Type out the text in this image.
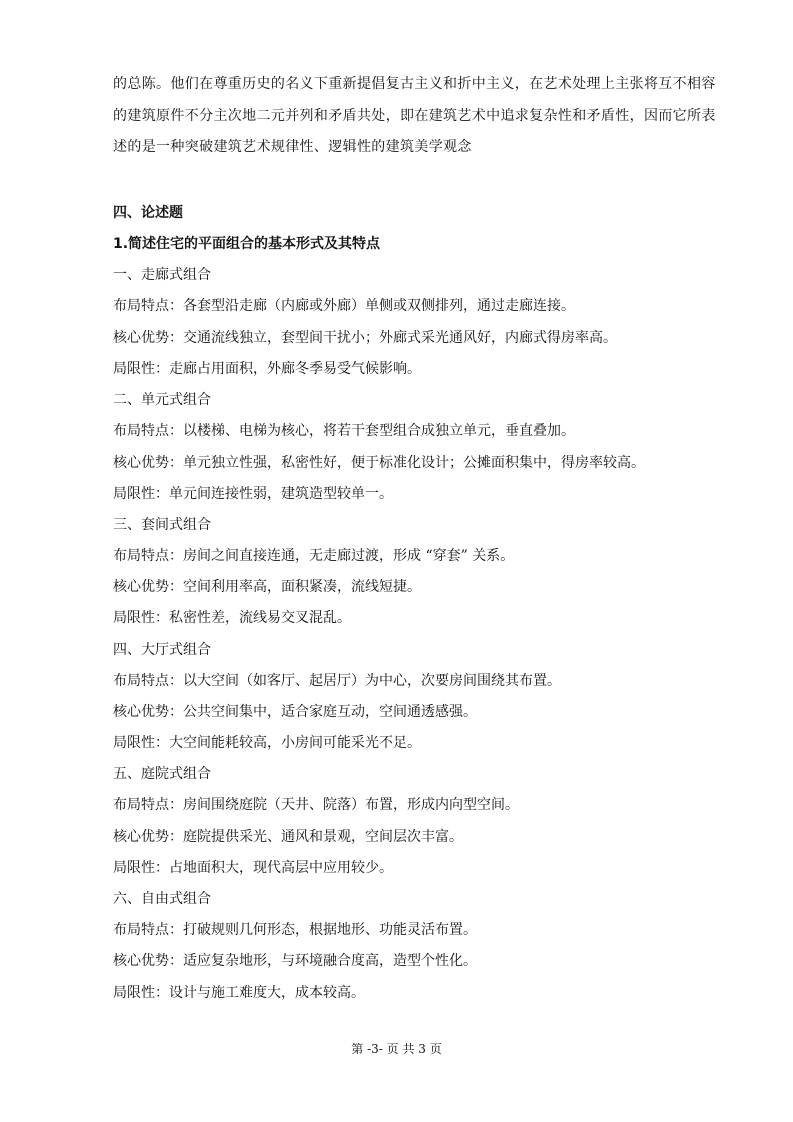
的总陈。他们在尊重历史的名义下重新提倡复古主义和折中主义，在艺术处理上主张将互不相容
的建筑原件不分主次地二元并列和矛盾共处，即在建筑艺术中追求复杂性和矛盾性，因而它所表
述的是一种突破建筑艺术规律性、逻辑性的建筑美学观念
四、论述题
1.简述住宅的平面组合的基本形式及其特点
一、走廊式组合
布局特点：各套型沿走廊（内廊或外廊）单侧或双侧排列，通过走廊连接。
核心优势：交通流线独立，套型间干扰小；外廊式采光通风好，内廊式得房率高。
局限性：走廊占用面积，外廊冬季易受气候影响。
二、单元式组合
布局特点：以楼梯、电梯为核心，将若干套型组合成独立单元，垂直叠加。
核心优势：单元独立性强，私密性好，便于标准化设计；公摊面积集中，得房率较高。
局限性：单元间连接性弱，建筑造型较单一。
三、套间式组合
布局特点：房间之间直接连通，无走廊过渡，形成 “穿套” 关系。
核心优势：空间利用率高，面积紧凑，流线短捷。
局限性：私密性差，流线易交叉混乱。
四、大厅式组合
布局特点：以大空间（如客厅、起居厅）为中心，次要房间围绕其布置。
核心优势：公共空间集中，适合家庭互动，空间通透感强。
局限性：大空间能耗较高，小房间可能采光不足。
五、庭院式组合
布局特点：房间围绕庭院（天井、院落）布置，形成内向型空间。
核心优势：庭院提供采光、通风和景观，空间层次丰富。
局限性：占地面积大，现代高层中应用较少。
六、自由式组合
布局特点：打破规则几何形态，根据地形、功能灵活布置。
核心优势：适应复杂地形，与环境融合度高，造型个性化。
局限性：设计与施工难度大，成本较高。
第 -3- 页 共 3 页
